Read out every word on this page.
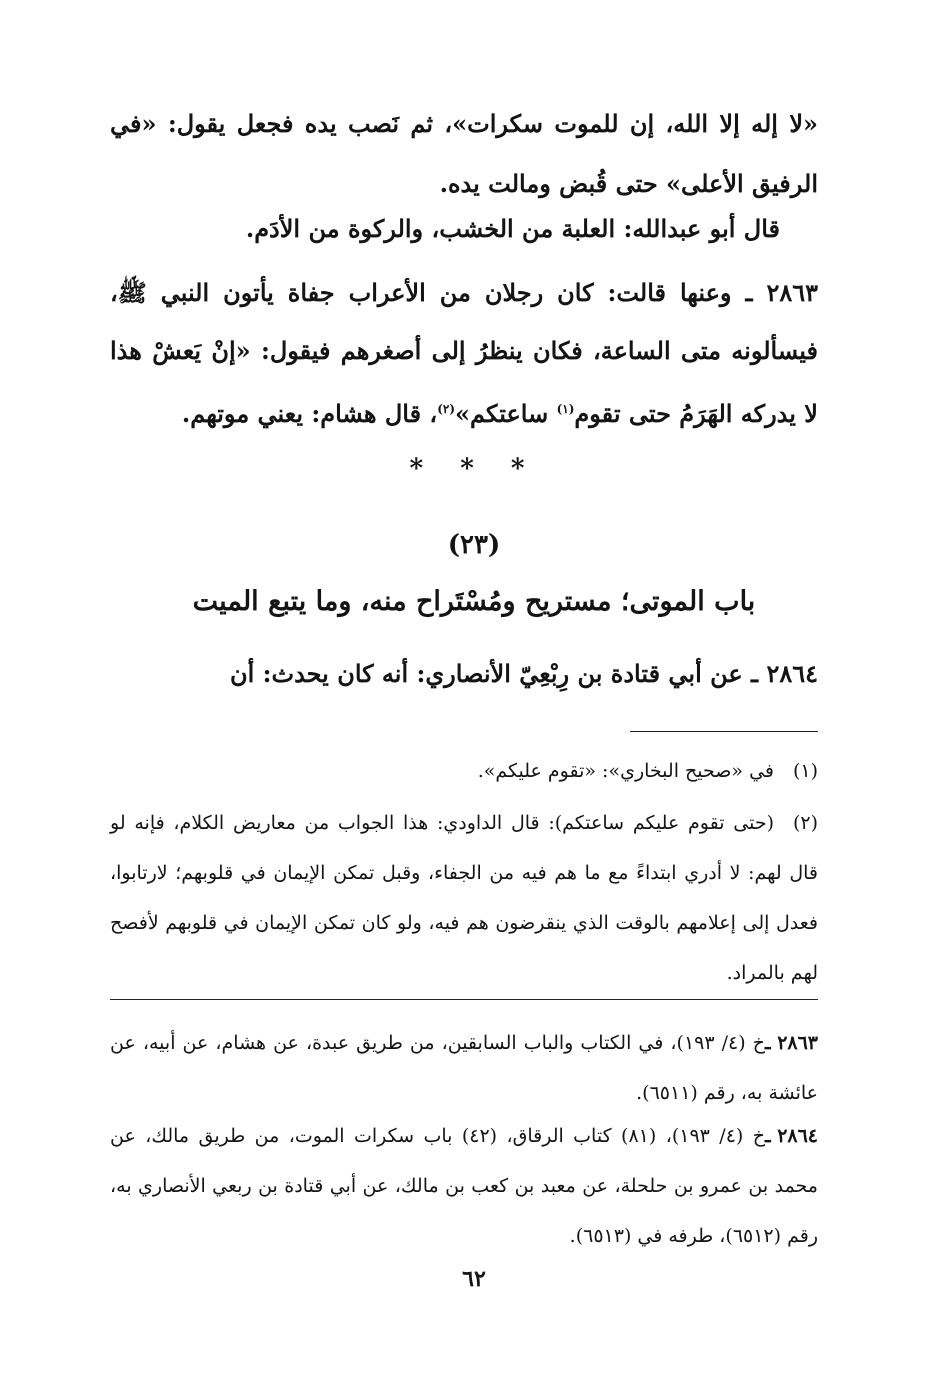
«لا إله إلا الله، إن للموت سكرات»، ثم نَصب يده فجعل يقول: «في الرفيق الأعلى» حتى قُبض ومالت يده.

قال أبو عبدالله: العلبة من الخشب، والركوة من الأدَم.

٢٨٦٣ ـ وعنها قالت: كان رجلان من الأعراب جفاة يأتون النبي ﷺ، فيسألونه متى الساعة، فكان ينظرُ إلى أصغرهم فيقول: «إنْ يَعشْ هذا لا يدركه الهَرَمُ حتى تقوم$^{(١)}$ ساعتكم»$^{(٢)}$، قال هشام: يعني موتهم.

* * *
(٢٣)
باب الموتى؛ مستريح ومُسْتَراح منه، وما يتبع الميت

٢٨٦٤ ـ عن أبي قتادة بن رِبْعِيّ الأنصاري: أنه كان يحدث: أن

(١)في «صحيح البخاري»: «تقوم عليكم».

(٢)(حتى تقوم عليكم ساعتكم): قال الداودي: هذا الجواب من معاريض الكلام، فإنه لو قال لهم: لا أدري ابتداءً مع ما هم فيه من الجفاء، وقبل تمكن الإيمان في قلوبهم؛ لارتابوا، فعدل إلى إعلامهم بالوقت الذي ينقرضون هم فيه، ولو كان تمكن الإيمان في قلوبهم لأفصح لهم بالمراد.

٢٨٦٣ ـخ (٤/ ١٩٣)، في الكتاب والباب السابقين، من طريق عبدة، عن هشام، عن أبيه، عن عائشة به، رقم (٦٥١١).

٢٨٦٤ ـخ (٤/ ١٩٣)، (٨١) كتاب الرقاق، (٤٢) باب سكرات الموت، من طريق مالك، عن محمد بن عمرو بن حلحلة، عن معبد بن كعب بن مالك، عن أبي قتادة بن ربعي الأنصاري به، رقم (٦٥١٢)، طرفه في (٦٥١٣).

٦٢
